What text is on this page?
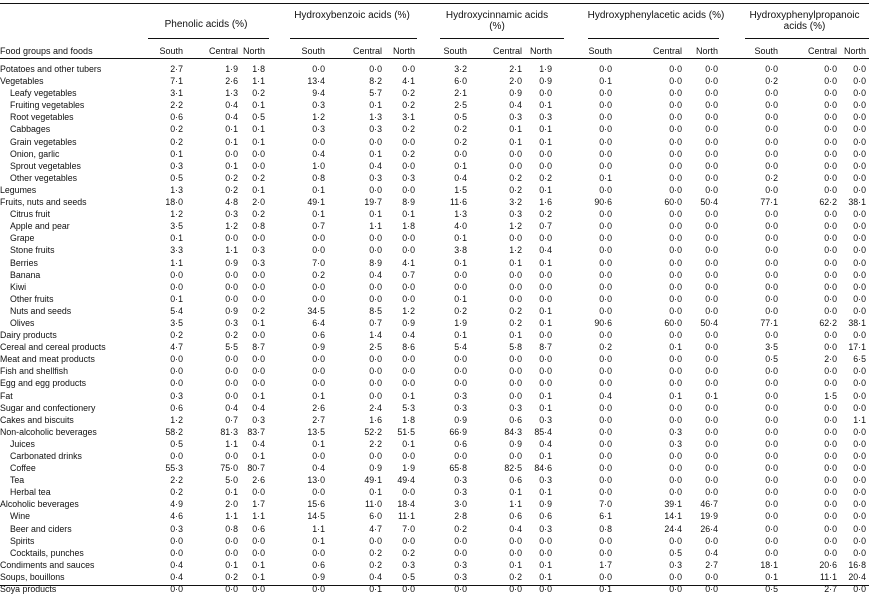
Phenolic acids (%)
Hydroxybenzoic acids (%)	Hydroxycinnamic acids (%)
Hydroxyphenylacetic acids (%)	Hydroxyphenylpropanoic acids (%)
Food groups and foods	South	Central North	South	Central	North	South	Central North	South	Central	North	South	Central North
Potatoes and other tubers	2·7	1·9	1·8	0·0	0·0	0·0	3·2	2·1	1·9	0·0	0·0	0·0	0·0	0·0	0·0
Vegetables	7·1	2·6	1·1	13·4	8·2	4·1	6·0	2·0	0·9	0·1	0·0	0·0	0·2	0·0	0·0
Leafy vegetables	3·1	1·3	0·2	9·4	5·7	0·2	2·1	0·9	0·0	0·0	0·0	0·0	0·0	0·0	0·0
Fruiting vegetables	2·2	0·4	0·1	0·3	0·1	0·2	2·5	0·4	0·1	0·0	0·0	0·0	0·0	0·0	0·0
Root vegetables	0·6	0·4	0·5	1·2	1·3	3·1	0·5	0·3	0·3	0·0	0·0	0·0	0·0	0·0	0·0
Cabbages	0·2	0·1	0·1	0·3	0·3	0·2	0·2	0·1	0·1	0·0	0·0	0·0	0·0	0·0	0·0
Grain vegetables	0·2	0·1	0·1	0·0	0·0	0·0	0·2	0·1	0·1	0·0	0·0	0·0	0·0	0·0	0·0
Onion, garlic	0·1	0·0	0·0	0·4	0·1	0·2	0·0	0·0	0·0	0·0	0·0	0·0	0·0	0·0	0·0
Sprout vegetables	0·3	0·1	0·0	1·0	0·4	0·0	0·1	0·0	0·0	0·0	0·0	0·0	0·0	0·0	0·0
Other vegetables	0·5	0·2	0·2	0·8	0·3	0·3	0·4	0·2	0·2	0·1	0·0	0·0	0·2	0·0	0·0
Legumes	1·3	0·2	0·1	0·1	0·0	0·0	1·5	0·2	0·1	0·0	0·0	0·0	0·0	0·0	0·0
Fruits, nuts and seeds	18·0	4·8	2·0	49·1	19·7	8·9	11·6	3·2	1·6	90·6	60·0	50·4	77·1	62·2	38·1
Citrus fruit	1·2	0·3	0·2	0·1	0·1	0·1	1·3	0·3	0·2	0·0	0·0	0·0	0·0	0·0	0·0
Apple and pear	3·5	1·2	0·8	0·7	1·1	1·8	4·0	1·2	0·7	0·0	0·0	0·0	0·0	0·0	0·0
Grape	0·1	0·0	0·0	0·0	0·0	0·0	0·1	0·0	0·0	0·0	0·0	0·0	0·0	0·0	0·0
Stone fruits	3·3	1·1	0·3	0·0	0·0	0·0	3·8	1·2	0·4	0·0	0·0	0·0	0·0	0·0	0·0
Berries	1·1	0·9	0·3	7·0	8·9	4·1	0·1	0·1	0·1	0·0	0·0	0·0	0·0	0·0	0·0
Banana	0·0	0·0	0·0	0·2	0·4	0·7	0·0	0·0	0·0	0·0	0·0	0·0	0·0	0·0	0·0
Kiwi	0·0	0·0	0·0	0·0	0·0	0·0	0·0	0·0	0·0	0·0	0·0	0·0	0·0	0·0	0·0
Other fruits	0·1	0·0	0·0	0·0	0·0	0·0	0·1	0·0	0·0	0·0	0·0	0·0	0·0	0·0	0·0
Nuts and seeds	5·4	0·9	0·2	34·5	8·5	1·2	0·2	0·2	0·1	0·0	0·0	0·0	0·0	0·0	0·0
Olives	3·5	0·3	0·1	6·4	0·7	0·9	1·9	0·2	0·1	90·6	60·0	50·4	77·1	62·2	38·1
Dairy products	0·2	0·2	0·0	0·6	1·4	0·4	0·1	0·1	0·0	0·0	0·0	0·0	0·0	0·0	0·0
Cereal and cereal products	4·7	5·5	8·7	0·9	2·5	8·6	5·4	5·8	8·7	0·2	0·1	0·0	3·5	0·0	17·1
Meat and meat products	0·0	0·0	0·0	0·0	0·0	0·0	0·0	0·0	0·0	0·0	0·0	0·0	0·5	2·0	6·5
Fish and shellfish	0·0	0·0	0·0	0·0	0·0	0·0	0·0	0·0	0·0	0·0	0·0	0·0	0·0	0·0	0·0
Egg and egg products	0·0	0·0	0·0	0·0	0·0	0·0	0·0	0·0	0·0	0·0	0·0	0·0	0·0	0·0	0·0
Fat	0·3	0·0	0·1	0·1	0·0	0·1	0·3	0·0	0·1	0·4	0·1	0·1	0·0	1·5	0·0
Sugar and confectionery	0·6	0·4	0·4	2·6	2·4	5·3	0·3	0·3	0·1	0·0	0·0	0·0	0·0	0·0	0·0
Cakes and biscuits	1·2	0·7	0·3	2·7	1·6	1·8	0·9	0·6	0·3	0·0	0·0	0·0	0·0	0·0	1·1
Non-alcoholic beverages	58·2	81·3	83·7	13·5	52·2	51·5	66·9	84·3	85·4	0·0	0·3	0·0	0·0	0·0	0·0
Juices	0·5	1·1	0·4	0·1	2·2	0·1	0·6	0·9	0·4	0·0	0·3	0·0	0·0	0·0	0·0
Carbonated drinks	0·0	0·0	0·1	0·0	0·0	0·0	0·0	0·0	0·1	0·0	0·0	0·0	0·0	0·0	0·0
Coffee	55·3	75·0	80·7	0·4	0·9	1·9	65·8	82·5	84·6	0·0	0·0	0·0	0·0	0·0	0·0
Tea	2·2	5·0	2·6	13·0	49·1	49·4	0·3	0·6	0·3	0·0	0·0	0·0	0·0	0·0	0·0
Herbal tea	0·2	0·1	0·0	0·0	0·1	0·0	0·3	0·1	0·1	0·0	0·0	0·0	0·0	0·0	0·0
Alcoholic beverages	4·9	2·0	1·7	15·6	11·0	18·4	3·0	1·1	0·9	7·0	39·1	46·7	0·0	0·0	0·0
Wine	4·6	1·1	1·1	14·5	6·0	11·1	2·8	0·6	0·6	6·1	14·1	19·9	0·0	0·0	0·0
Beer and ciders	0·3	0·8	0·6	1·1	4·7	7·0	0·2	0·4	0·3	0·8	24·4	26·4	0·0	0·0	0·0
Spirits	0·0	0·0	0·0	0·1	0·0	0·0	0·0	0·0	0·0	0·0	0·0	0·0	0·0	0·0	0·0
Cocktails, punches	0·0	0·0	0·0	0·0	0·2	0·2	0·0	0·0	0·0	0·0	0·5	0·4	0·0	0·0	0·0
Condiments and sauces	0·4	0·1	0·1	0·6	0·2	0·3	0·3	0·1	0·1	1·7	0·3	2·7	18·1	20·6	16·8
Soups, bouillons	0·4	0·2	0·1	0·9	0·4	0·5	0·3	0·2	0·1	0·0	0·0	0·0	0·1	11·1	20·4
Soya products	0·0	0·0	0·0	0·0	0·1	0·0	0·0	0·0	0·0	0·1	0·0	0·0	0·5	2·7	0·0
